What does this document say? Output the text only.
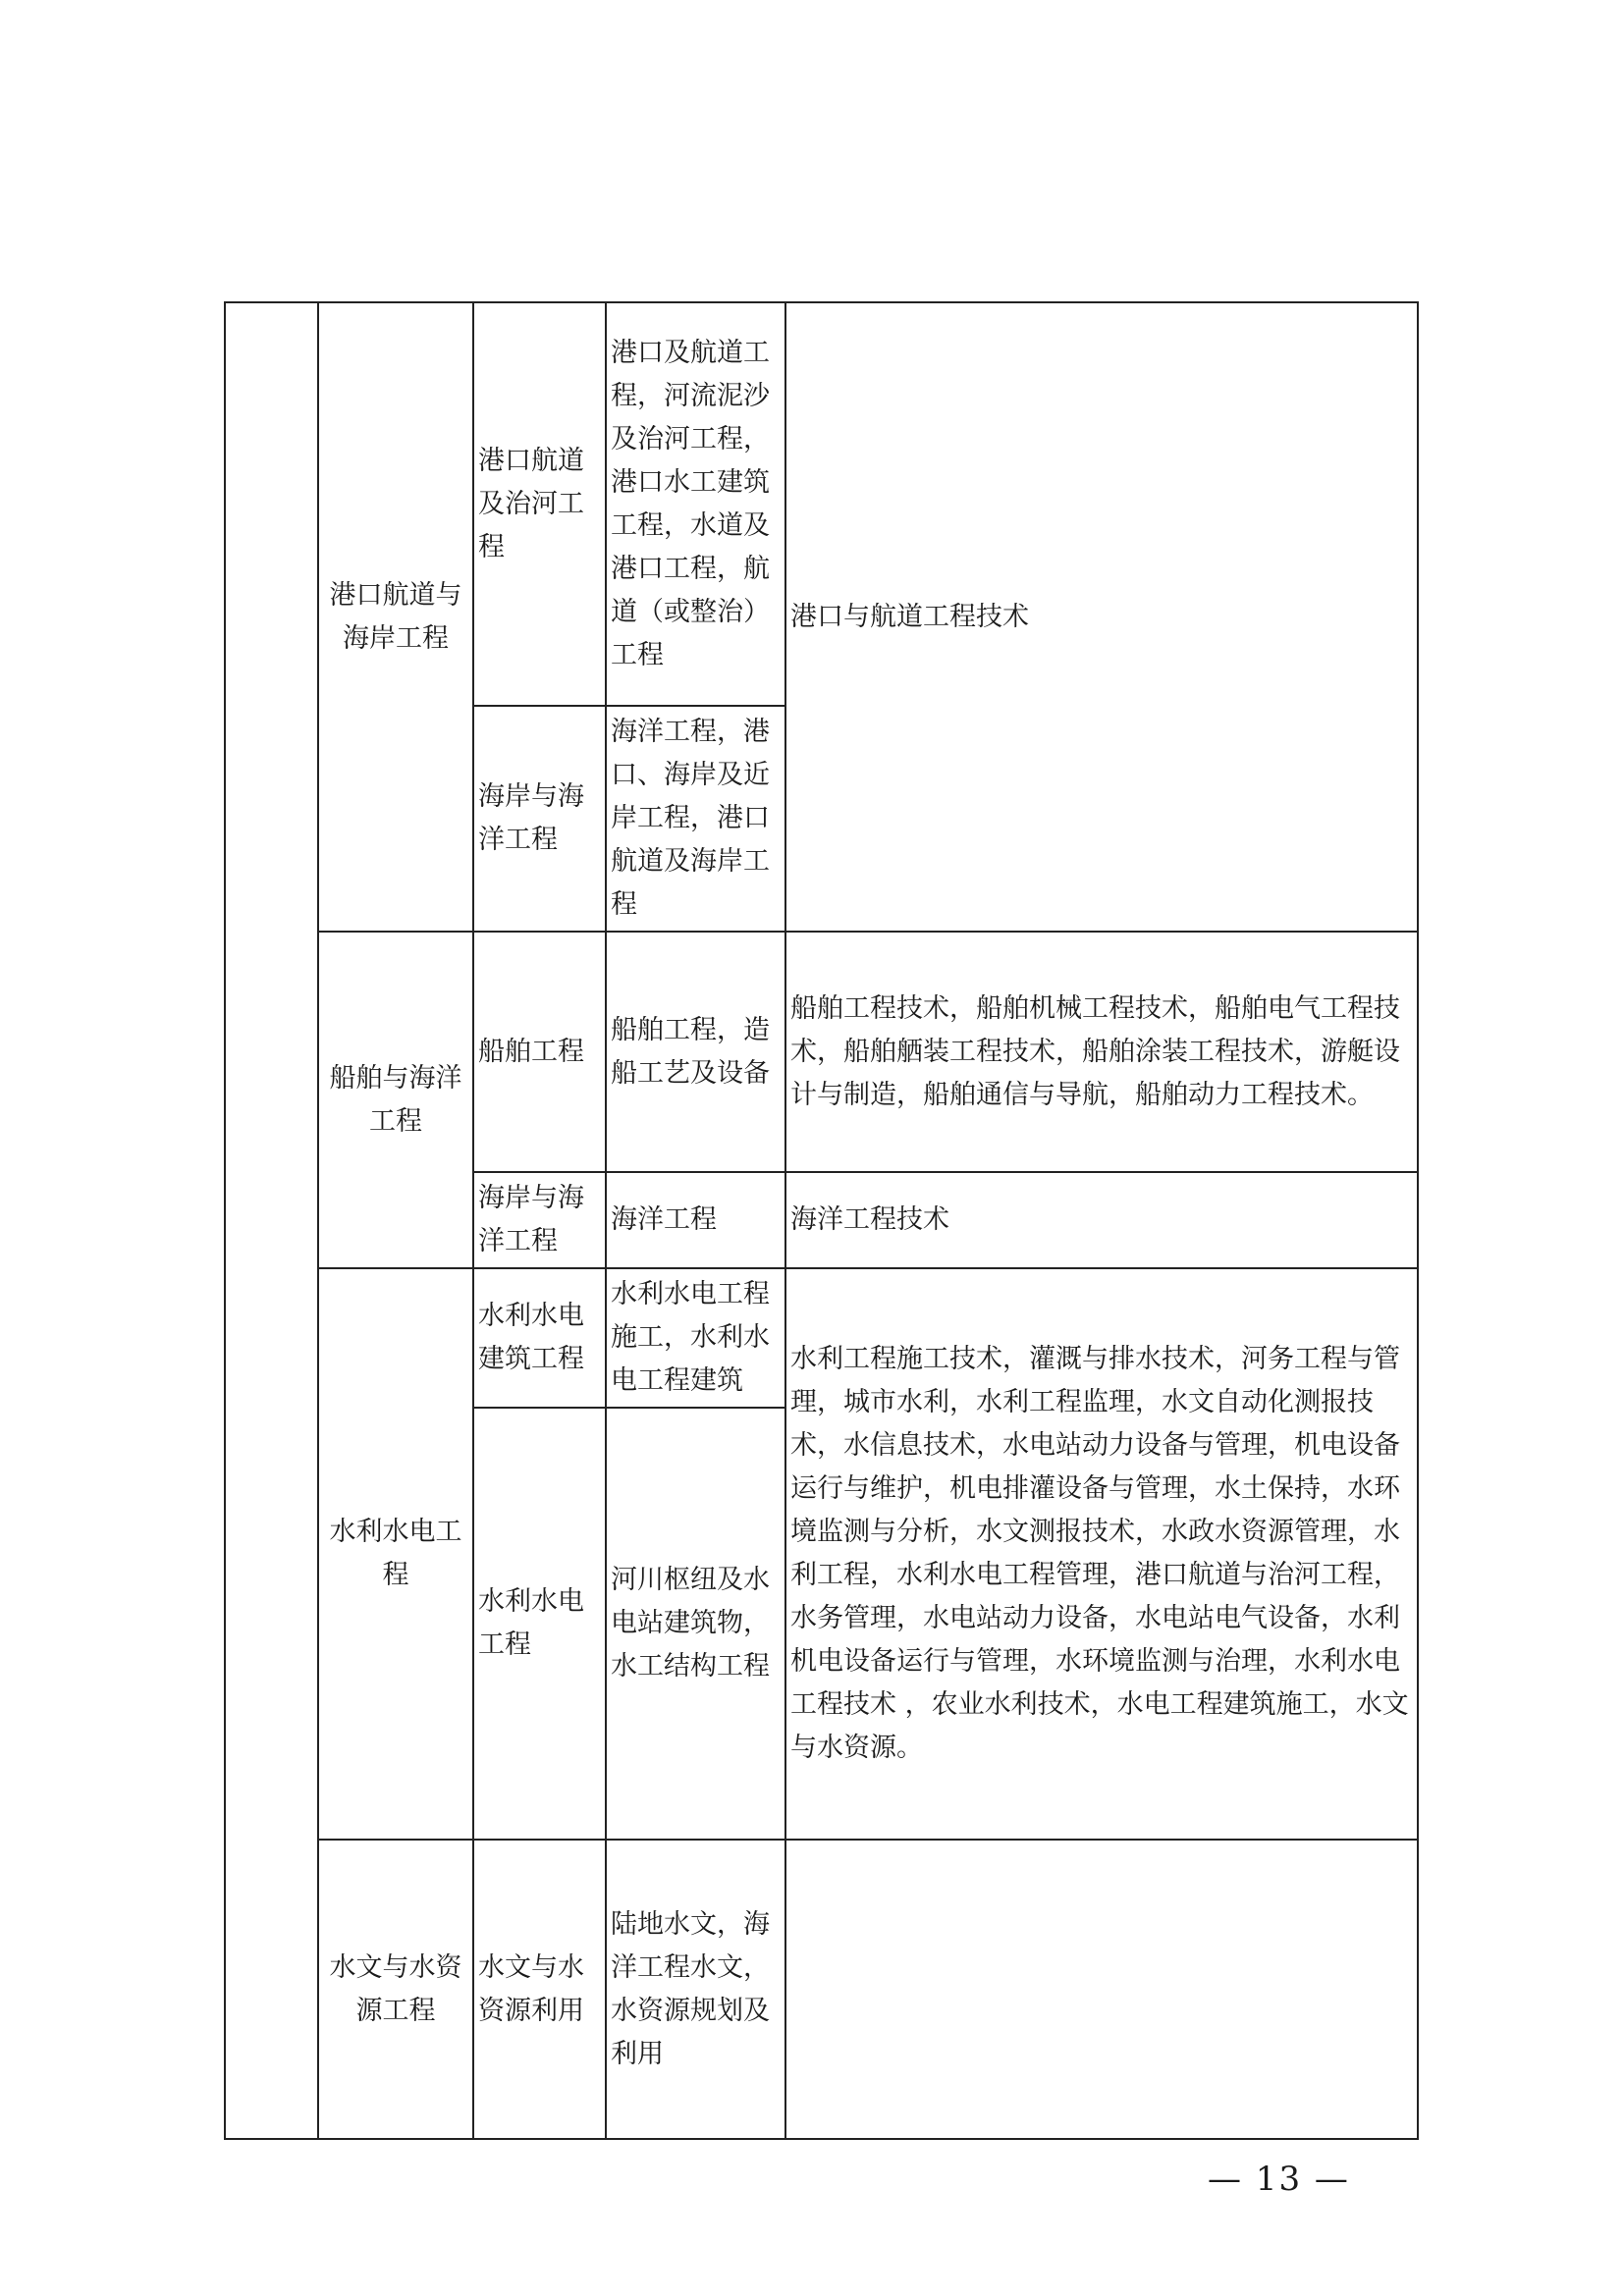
	港口航道与海岸工程	港口航道及治河工程	港口及航道工程，河流泥沙及治河工程，港口水工建筑工程，水道及港口工程，航道（或整治）工程	港口与航道工程技术
		海岸与海洋工程	海洋工程，港口、海岸及近岸工程，港口航道及海岸工程	
	船舶与海洋工程	船舶工程	船舶工程，造船工艺及设备	船舶工程技术，船舶机械工程技术，船舶电气工程技术，船舶舾装工程技术，船舶涂装工程技术，游艇设计与制造，船舶通信与导航，船舶动力工程技术。
		海岸与海洋工程	海洋工程	海洋工程技术
	水利水电工程	水利水电建筑工程	水利水电工程施工，水利水电工程建筑	水利工程施工技术，灌溉与排水技术，河务工程与管理，城市水利，水利工程监理，水文自动化测报技术，水信息技术，水电站动力设备与管理，机电设备运行与维护，机电排灌设备与管理，水土保持，水环境监测与分析，水文测报技术，水政水资源管理，水利工程，水利水电工程管理，港口航道与治河工程，水务管理，水电站动力设备，水电站电气设备，水利机电设备运行与管理，水环境监测与治理，水利水电工程技术 ，农业水利技术，水电工程建筑施工，水文与水资源。
		水利水电工程	河川枢纽及水电站建筑物，水工结构工程	
	水文与水资源工程	水文与水资源利用	陆地水文，海洋工程水文，水资源规划及利用	
— 13 —
